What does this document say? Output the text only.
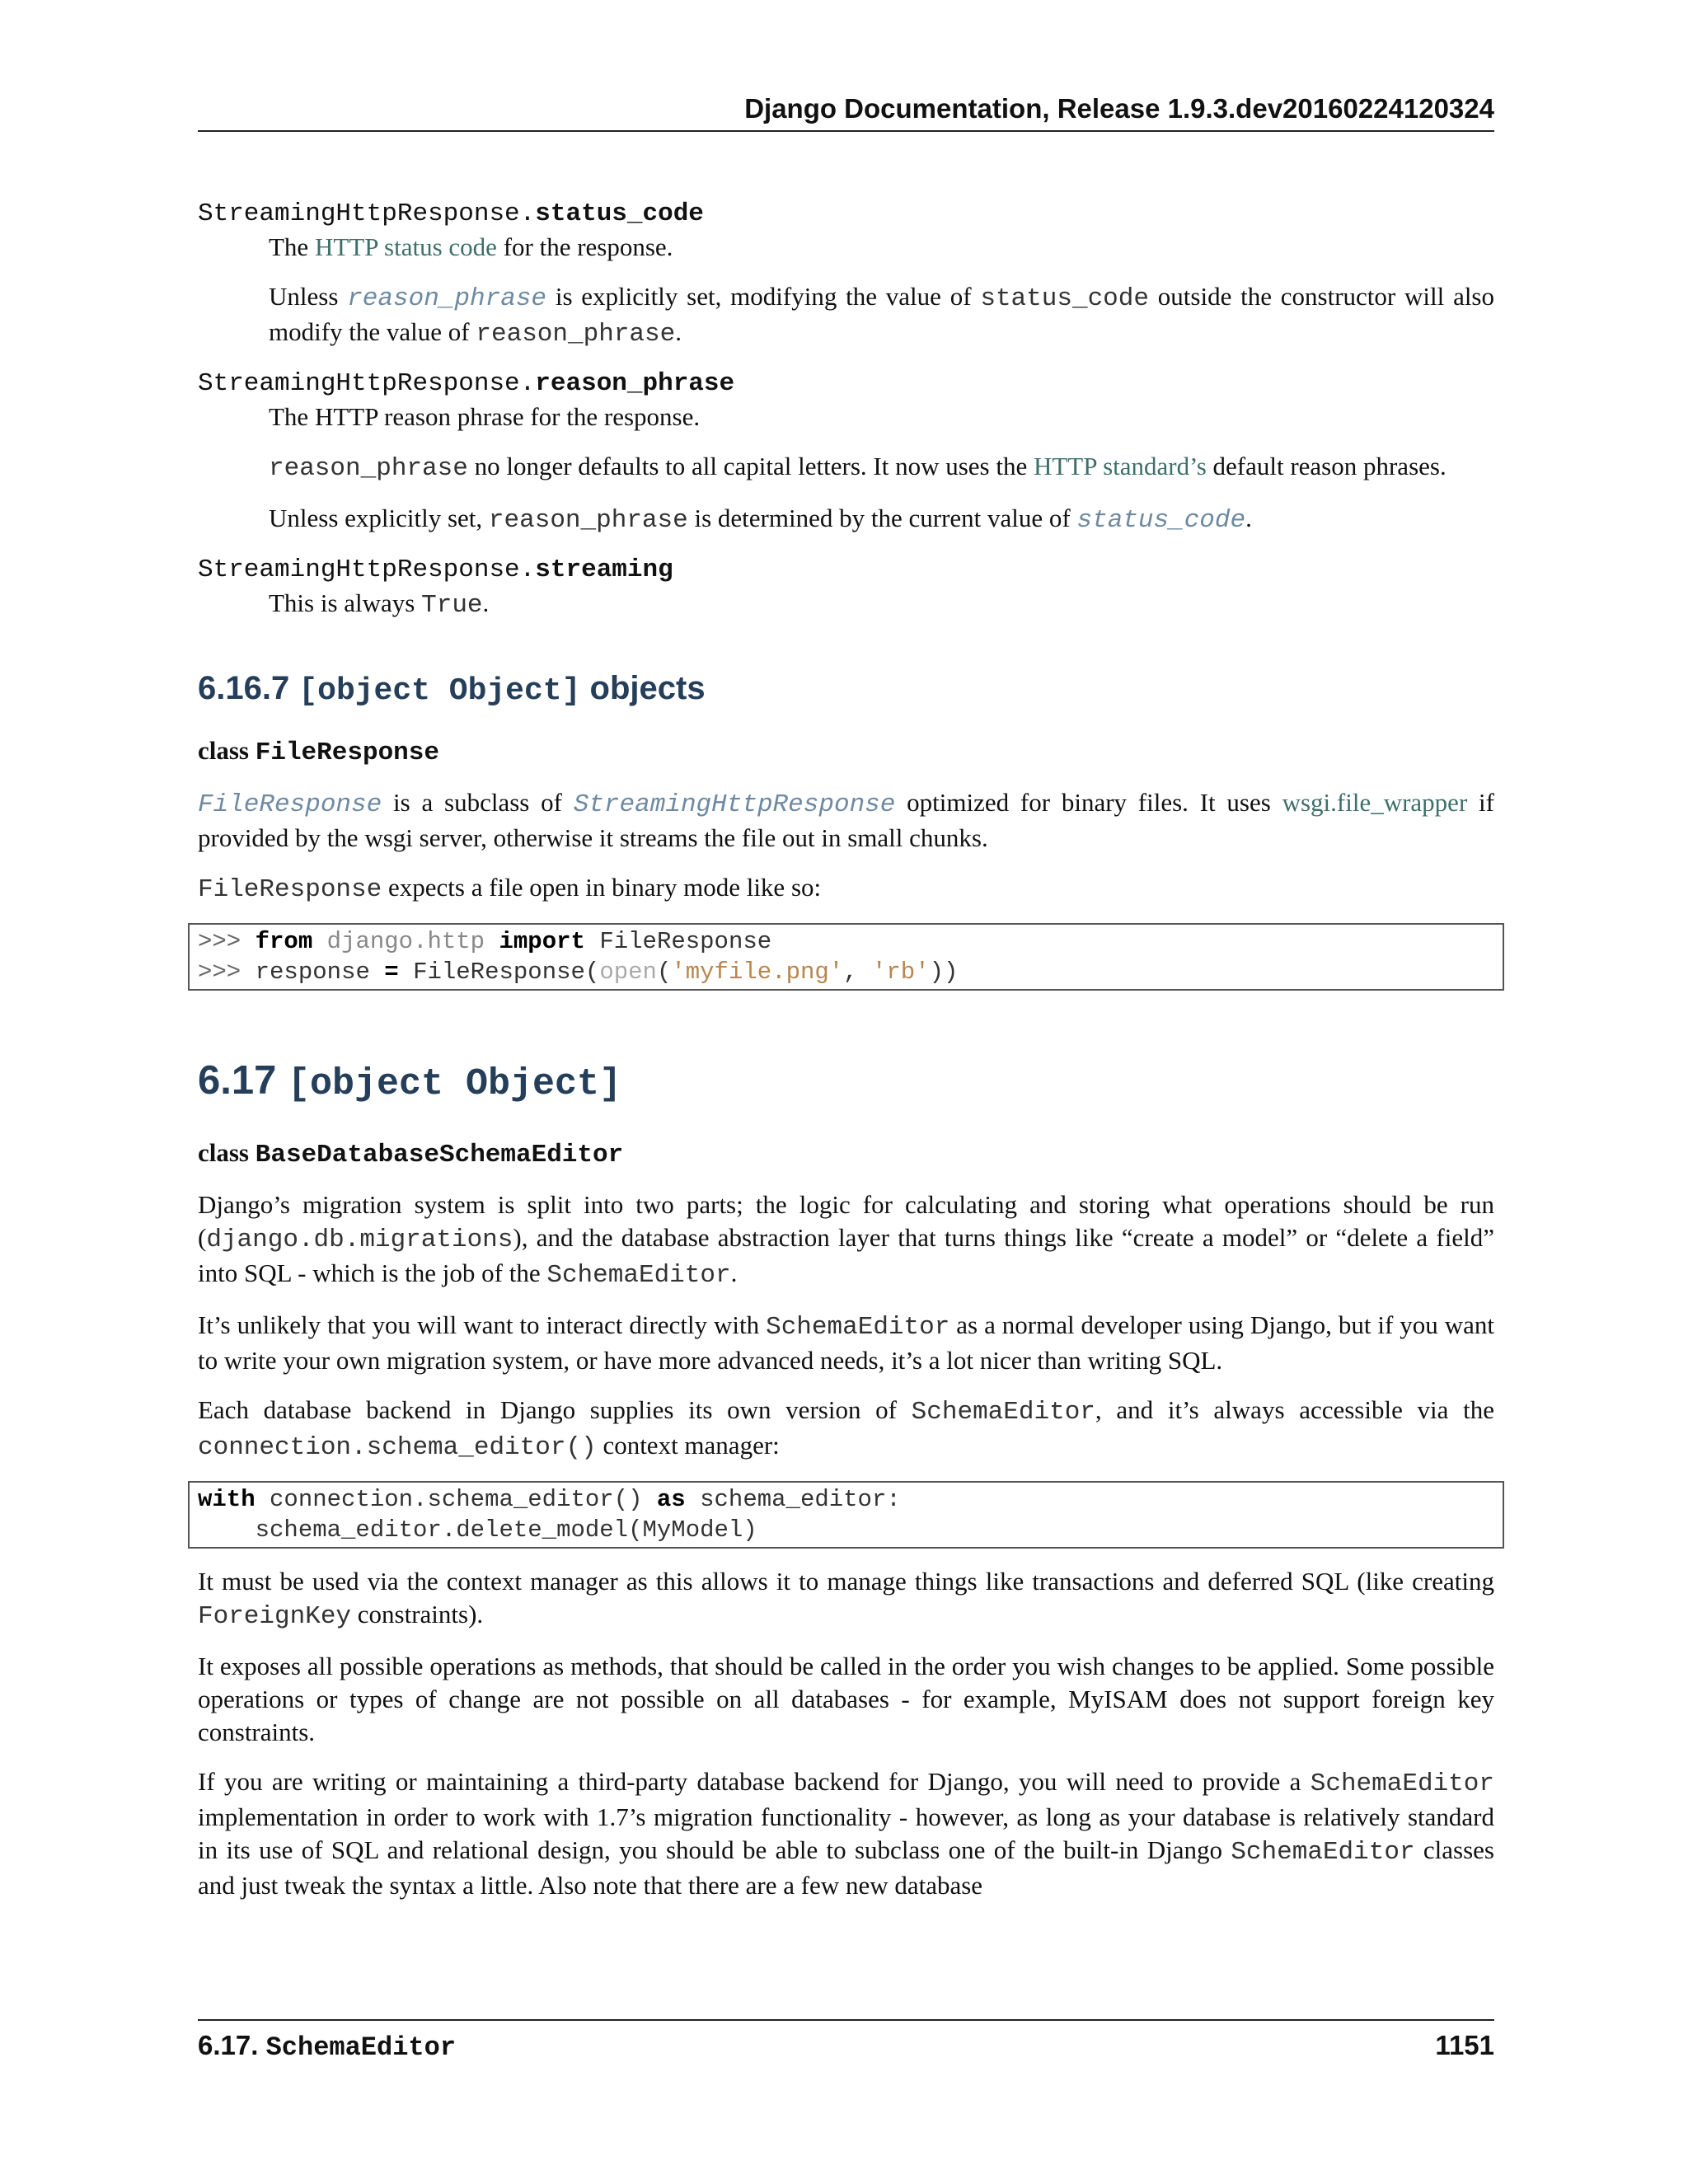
Django Documentation, Release 1.9.3.dev20160224120324
StreamingHttpResponse.status_code

The HTTP status code for the response.

Unless reason_phrase is explicitly set, modifying the value of status_code outside the constructor will also modify the value of reason_phrase.

StreamingHttpResponse.reason_phrase

The HTTP reason phrase for the response.

reason_phrase no longer defaults to all capital letters. It now uses the HTTP standard’s default reason phrases.

Unless explicitly set, reason_phrase is determined by the current value of status_code.

StreamingHttpResponse.streaming

This is always True.

6.16.7 [object Object] objects
class FileResponse

FileResponse is a subclass of StreamingHttpResponse optimized for binary files. It uses wsgi.file_wrapper if provided by the wsgi server, otherwise it streams the file out in small chunks.

FileResponse expects a file open in binary mode like so:

>>> from django.http import FileResponse
>>> response = FileResponse(open('myfile.png', 'rb'))
6.17 [object Object]
class BaseDatabaseSchemaEditor

Django’s migration system is split into two parts; the logic for calculating and storing what operations should be run (django.db.migrations), and the database abstraction layer that turns things like “create a model” or “delete a field” into SQL - which is the job of the SchemaEditor.

It’s unlikely that you will want to interact directly with SchemaEditor as a normal developer using Django, but if you want to write your own migration system, or have more advanced needs, it’s a lot nicer than writing SQL.

Each database backend in Django supplies its own version of SchemaEditor, and it’s always accessible via the connection.schema_editor() context manager:

with connection.schema_editor() as schema_editor:
schema_editor.delete_model(MyModel)

It must be used via the context manager as this allows it to manage things like transactions and deferred SQL (like creating ForeignKey constraints).

It exposes all possible operations as methods, that should be called in the order you wish changes to be applied. Some possible operations or types of change are not possible on all databases - for example, MyISAM does not support foreign key constraints.

If you are writing or maintaining a third-party database backend for Django, you will need to provide a SchemaEditor implementation in order to work with 1.7’s migration functionality - however, as long as your database is relatively standard in its use of SQL and relational design, you should be able to subclass one of the built-in Django SchemaEditor classes and just tweak the syntax a little. Also note that there are a few new database

6.17. SchemaEditor	1151
